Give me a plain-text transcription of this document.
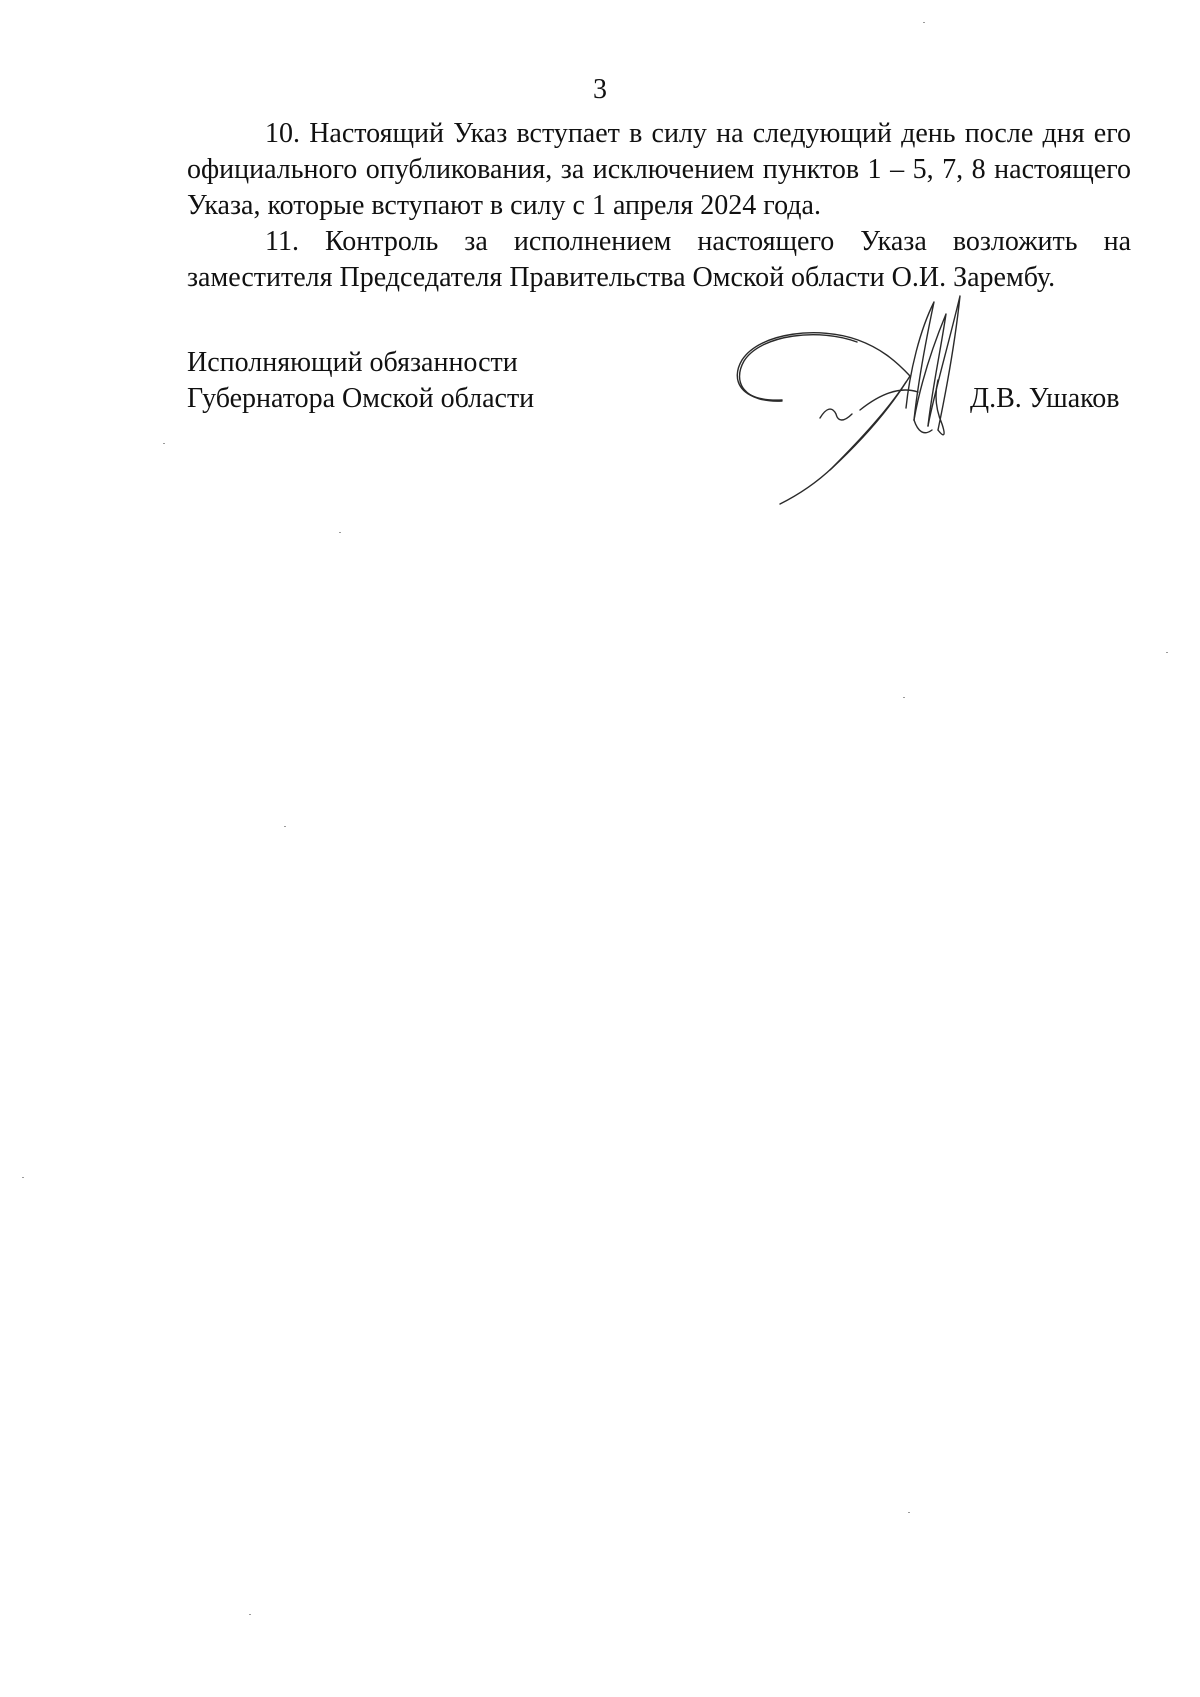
3

10. Настоящий Указ вступает в силу на следующий день после дня его официального опубликования, за исключением пунктов 1 – 5, 7, 8 настоящего Указа, которые вступают в силу с 1 апреля 2024 года.

11. Контроль за исполнением настоящего Указа возложить на заместителя Председателя Правительства Омской области О.И. Зарембу.

Исполняющий обязанности
Губернатора Омской области	Д.В. Ушаков
